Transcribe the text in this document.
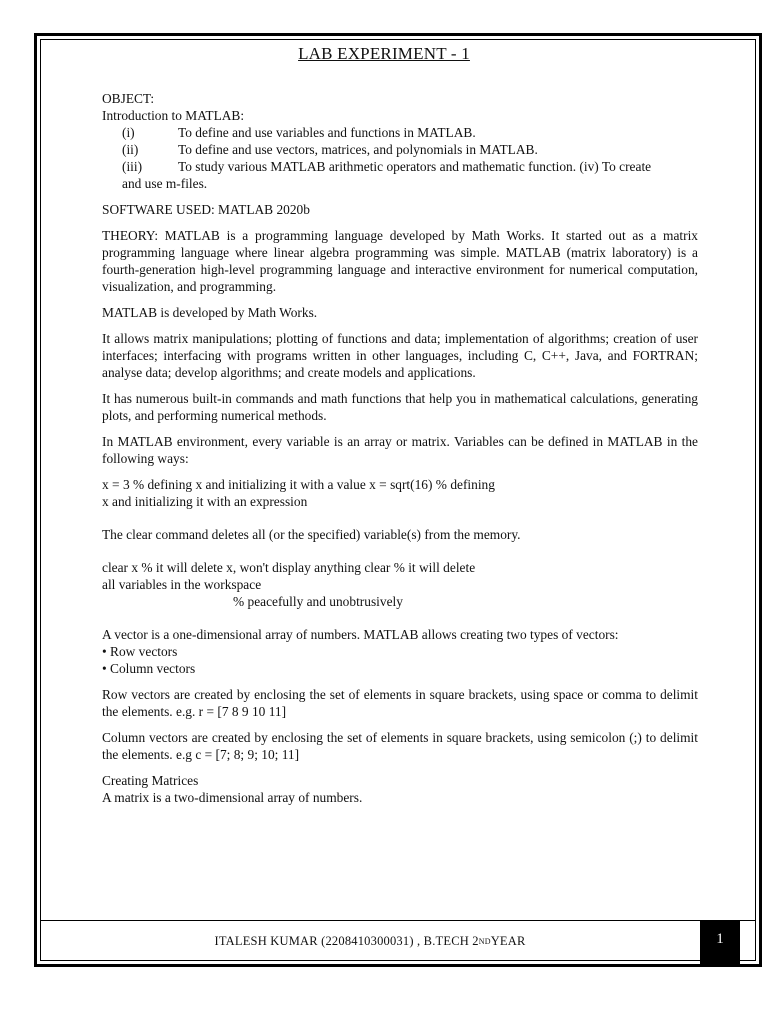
LAB EXPERIMENT - 1

OBJECT:

Introduction to MATLAB:

(i)	To define and use variables and functions in MATLAB.
(ii)	To define and use vectors, matrices, and polynomials in MATLAB.
(iii)	To study various MATLAB arithmetic operators and mathematic function. (iv) To create

and use m-files.

SOFTWARE USED: MATLAB 2020b

THEORY: MATLAB is a programming language developed by Math Works. It started out as a matrix programming language where linear algebra programming was simple. MATLAB (matrix laboratory) is a fourth-generation high-level programming language and interactive environment for numerical computation, visualization, and programming.

MATLAB is developed by Math Works.

It allows matrix manipulations; plotting of functions and data; implementation of algorithms; creation of user interfaces; interfacing with programs written in other languages, including C, C++, Java, and FORTRAN; analyse data; develop algorithms; and create models and applications.

It has numerous built-in commands and math functions that help you in mathematical calculations, generating plots, and performing numerical methods.

In MATLAB environment, every variable is an array or matrix. Variables can be defined in MATLAB in the following ways:

x = 3 % defining x and initializing it with a value x = sqrt(16) % defining

x and initializing it with an expression

The clear command deletes all (or the specified) variable(s) from the memory.

clear x % it will delete x, won't display anything clear % it will delete

all variables in the workspace

% peacefully and unobtrusively

A vector is a one-dimensional array of numbers. MATLAB allows creating two types of vectors:

• Row vectors

• Column vectors

Row vectors are created by enclosing the set of elements in square brackets, using space or comma to delimit the elements. e.g. r = [7 8 9 10 11]

Column vectors are created by enclosing the set of elements in square brackets, using semicolon (;) to delimit the elements. e.g c = [7; 8; 9; 10; 11]

Creating Matrices

A matrix is a two-dimensional array of numbers.

ITALESH KUMAR (2208410300031) , B.TECH 2 ND YEAR	1
